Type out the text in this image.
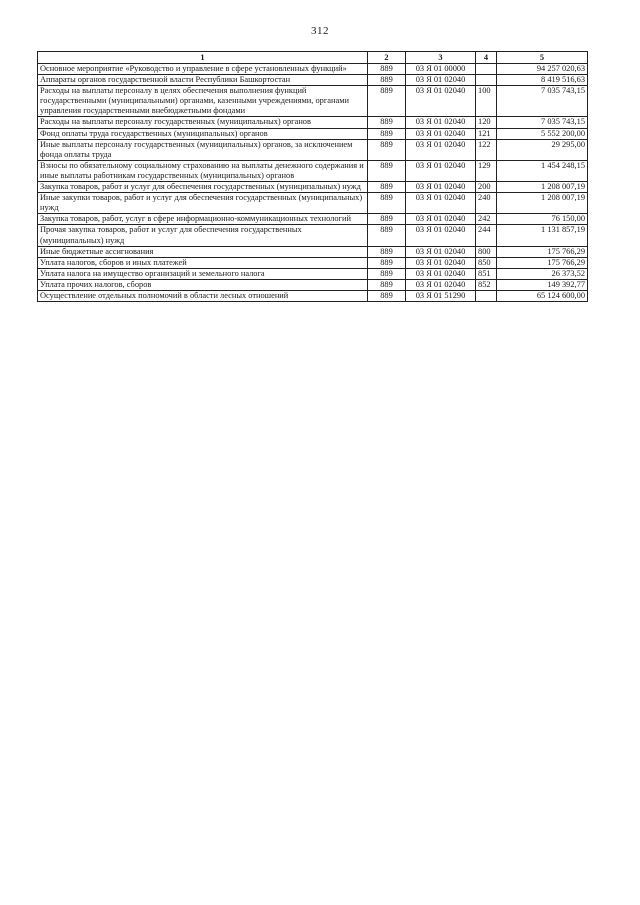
312
1	2	3	4	5
Основное мероприятие «Руководство и управление в сфере установленных функций»	889	03 Я 01 00000		94 257 020,63
Аппараты органов государственной власти Республики Башкортостан	889	03 Я 01 02040		8 419 516,63
Расходы на выплаты персоналу в целях обеспечения выполнения функций государственными (муниципальными) органами, казенными учреждениями, органами управления государственными внебюджетными фондами	889	03 Я 01 02040	100	7 035 743,15
Расходы на выплаты персоналу государственных (муниципальных) органов	889	03 Я 01 02040	120	7 035 743,15
Фонд оплаты труда государственных (муниципальных) органов	889	03 Я 01 02040	121	5 552 200,00
Иные выплаты персоналу государственных (муниципальных) органов, за исключением фонда оплаты труда	889	03 Я 01 02040	122	29 295,00
Взносы по обязательному социальному страхованию на выплаты денежного содержания и иные выплаты работникам государственных (муниципальных) органов	889	03 Я 01 02040	129	1 454 248,15
Закупка товаров, работ и услуг для обеспечения государственных (муниципальных) нужд	889	03 Я 01 02040	200	1 208 007,19
Иные закупки товаров, работ и услуг для обеспечения государственных (муниципальных) нужд	889	03 Я 01 02040	240	1 208 007,19
Закупка товаров, работ, услуг в сфере информационно-коммуникационных технологий	889	03 Я 01 02040	242	76 150,00
Прочая закупка товаров, работ и услуг для обеспечения государственных (муниципальных) нужд	889	03 Я 01 02040	244	1 131 857,19
Иные бюджетные ассигнования	889	03 Я 01 02040	800	175 766,29
Уплата налогов, сборов и иных платежей	889	03 Я 01 02040	850	175 766,29
Уплата налога на имущество организаций и земельного налога	889	03 Я 01 02040	851	26 373,52
Уплата прочих налогов, сборов	889	03 Я 01 02040	852	149 392,77
Осуществление отдельных полномочий в области лесных отношений	889	03 Я 01 51290		65 124 600,00
